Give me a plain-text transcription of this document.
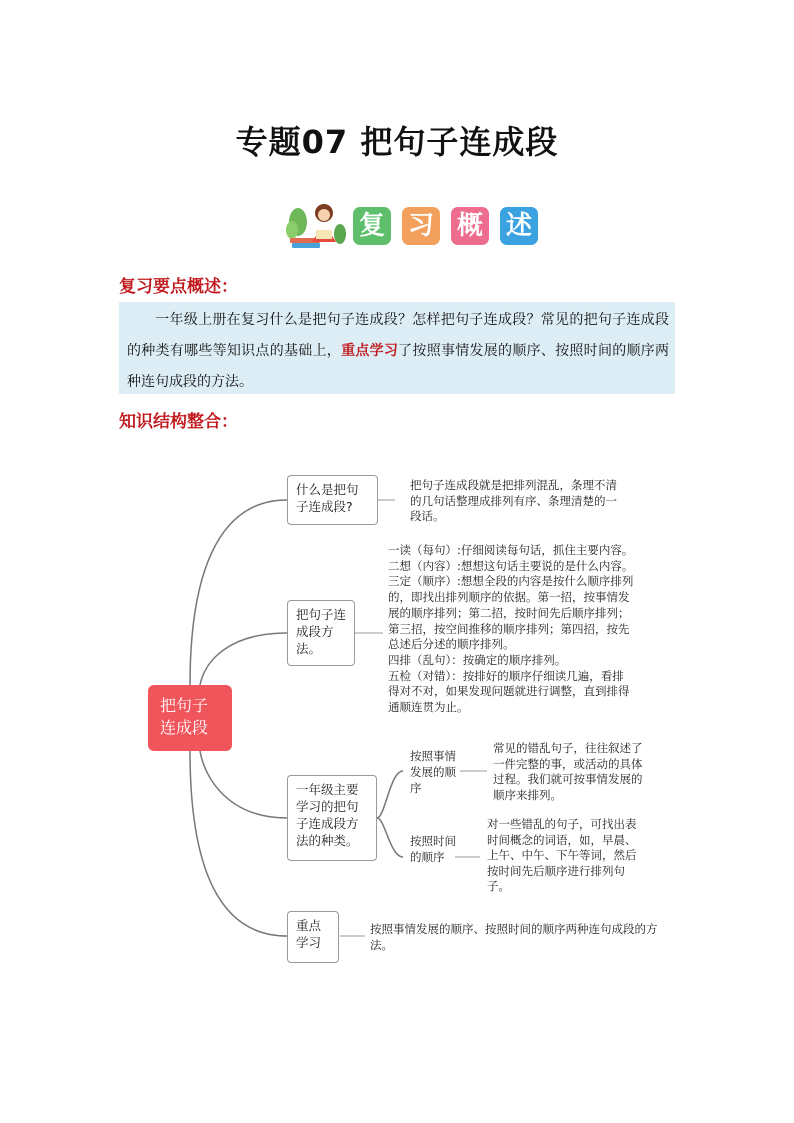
专题07 把句子连成段
复 习 概 述
复习要点概述：
一年级上册在复习什么是把句子连成段？怎样把句子连成段？常见的把句子连成段的种类有哪些等知识点的基础上，重点学习了按照事情发展的顺序、按照时间的顺序两种连句成段的方法。
知识结构整合：
把句子连成段
什么是把句子连成段?
把句子连成段就是把排列混乱，条理不清的几句话整理成排列有序、条理清楚的一段话。
把句子连成段方法。
一读（每句）:仔细阅读每句话，抓住主要内容。
二想（内容）:想想这句话主要说的是什么内容。
三定（顺序）:想想全段的内容是按什么顺序排列
的，即找出排列顺序的依据。第一招，按事情发
展的顺序排列；第二招，按时间先后顺序排列；
第三招，按空间推移的顺序排列；第四招，按先
总述后分述的顺序排列。
四排（乱句）：按确定的顺序排列。
五检（对错）：按排好的顺序仔细读几遍，看排
得对不对，如果发现问题就进行调整，直到排得
通顺连贯为止。
一年级主要学习的把句子连成段方法的种类。
按照事情发展的顺序
常见的错乱句子，往往叙述了一件完整的事，或活动的具体过程。我们就可按事情发展的顺序来排列。
按照时间的顺序
对一些错乱的句子，可找出表时间概念的词语，如，早晨、上午、中午、下午等词，然后按时间先后顺序进行排列句子。
重点学习
按照事情发展的顺序、按照时间的顺序两种连句成段的方法。
